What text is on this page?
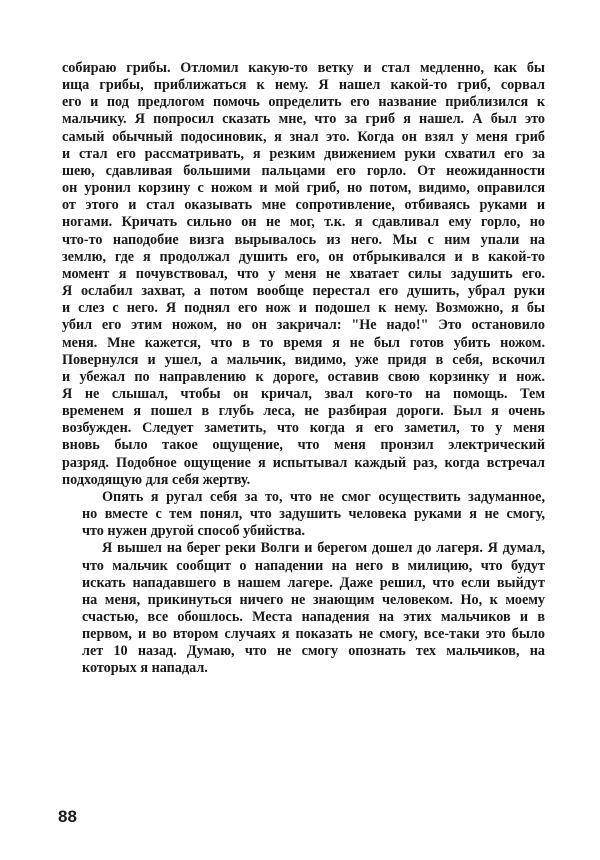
собираю грибы. Отломил какую-то ветку и стал медленно, как бы
ища грибы, приближаться к нему. Я нашел какой-то гриб, сорвал
его и под предлогом помочь определить его название приблизился к
мальчику. Я попросил сказать мне, что за гриб я нашел. А был это
самый обычный подосиновик, я знал это. Когда он взял у меня гриб
и стал его рассматривать, я резким движением руки схватил его за
шею, сдавливая большими пальцами его горло. От неожиданности
он уронил корзину с ножом и мой гриб, но потом, видимо, оправился
от этого и стал оказывать мне сопротивление, отбиваясь руками и
ногами. Кричать сильно он не мог, т.к. я сдавливал ему горло, но
что-то наподобие визга вырывалось из него. Мы с ним упали на
землю, где я продолжал душить его, он отбрыкивался и в какой-то
момент я почувствовал, что у меня не хватает силы задушить его.
Я ослабил захват, а потом вообще перестал его душить, убрал руки
и слез с него. Я поднял его нож и подошел к нему. Возможно, я бы
убил его этим ножом, но он закричал: "Не надо!" Это остановило
меня. Мне кажется, что в то время я не был готов убить ножом.
Повернулся и ушел, а мальчик, видимо, уже придя в себя, вскочил
и убежал по направлению к дороге, оставив свою корзинку и нож.
Я не слышал, чтобы он кричал, звал кого-то на помощь. Тем
временем я пошел в глубь леса, не разбирая дороги. Был я очень
возбужден. Следует заметить, что когда я его заметил, то у меня
вновь было такое ощущение, что меня пронзил электрический
разряд. Подобное ощущение я испытывал каждый раз, когда встречал
подходящую для себя жертву.
Опять я ругал себя за то, что не смог осуществить задуманное,
но вместе с тем понял, что задушить человека руками я не смогу,
что нужен другой способ убийства.
Я вышел на берег реки Волги и берегом дошел до лагеря. Я думал,
что мальчик сообщит о нападении на него в милицию, что будут
искать нападавшего в нашем лагере. Даже решил, что если выйдут
на меня, прикинуться ничего не знающим человеком. Но, к моему
счастью, все обошлось. Места нападения на этих мальчиков и в
первом, и во втором случаях я показать не смогу, все-таки это было
лет 10 назад. Думаю, что не смогу опознать тех мальчиков, на
которых я нападал.
88
